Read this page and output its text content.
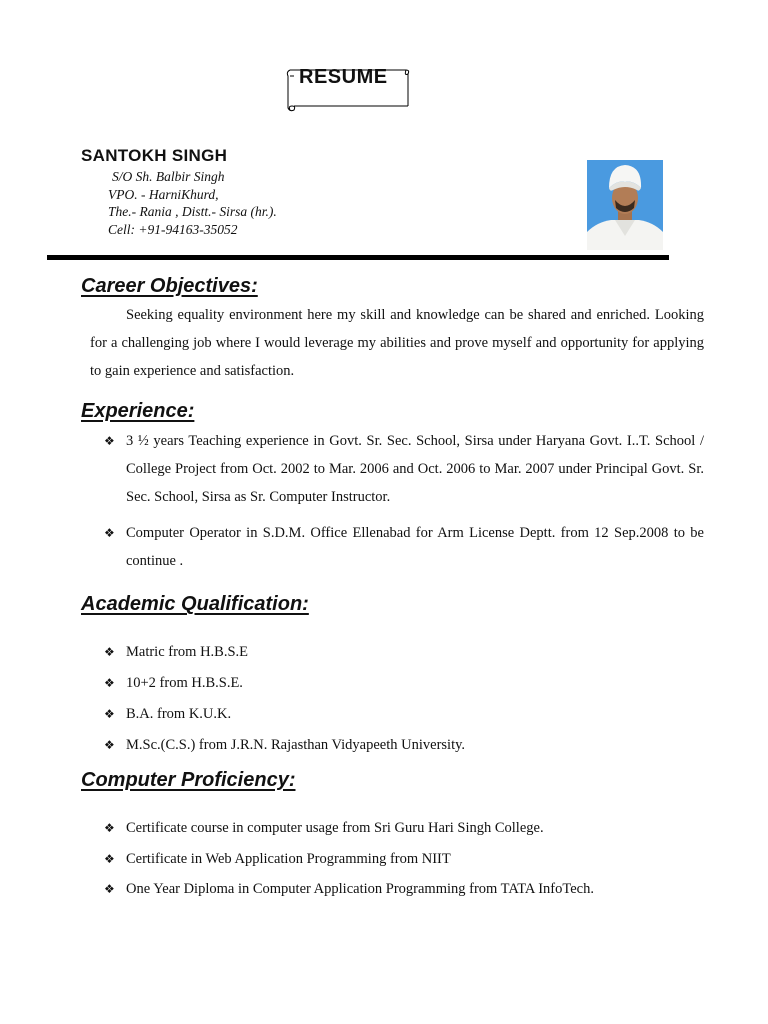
RESUME
SANTOKH SINGH
S/O Sh. Balbir Singh
VPO. - HarniKhurd,
The.- Rania , Distt.- Sirsa (hr.).
Cell: +91-94163-35052
Career Objectives:
Seeking equality environment here my skill and knowledge can be shared and enriched. Looking for a challenging job where I would leverage my abilities and prove myself and opportunity for applying to gain experience and satisfaction.
Experience:
❖ 3 ½ years Teaching experience in Govt. Sr. Sec. School, Sirsa under Haryana Govt. I..T. School / College Project from Oct. 2002 to Mar. 2006 and Oct. 2006 to Mar. 2007 under Principal Govt. Sr. Sec. School, Sirsa as Sr. Computer Instructor.
❖ Computer Operator in S.D.M. Office Ellenabad for Arm License Deptt. from 12 Sep.2008 to be continue .
Academic Qualification:
❖ Matric from H.B.S.E
❖ 10+2 from H.B.S.E.
❖ B.A. from K.U.K.
❖ M.Sc.(C.S.) from J.R.N. Rajasthan Vidyapeeth University.
Computer Proficiency:
❖ Certificate course in computer usage from Sri Guru Hari Singh College.
❖ Certificate in Web Application Programming from NIIT
❖ One Year Diploma in Computer Application Programming from TATA InfoTech.
